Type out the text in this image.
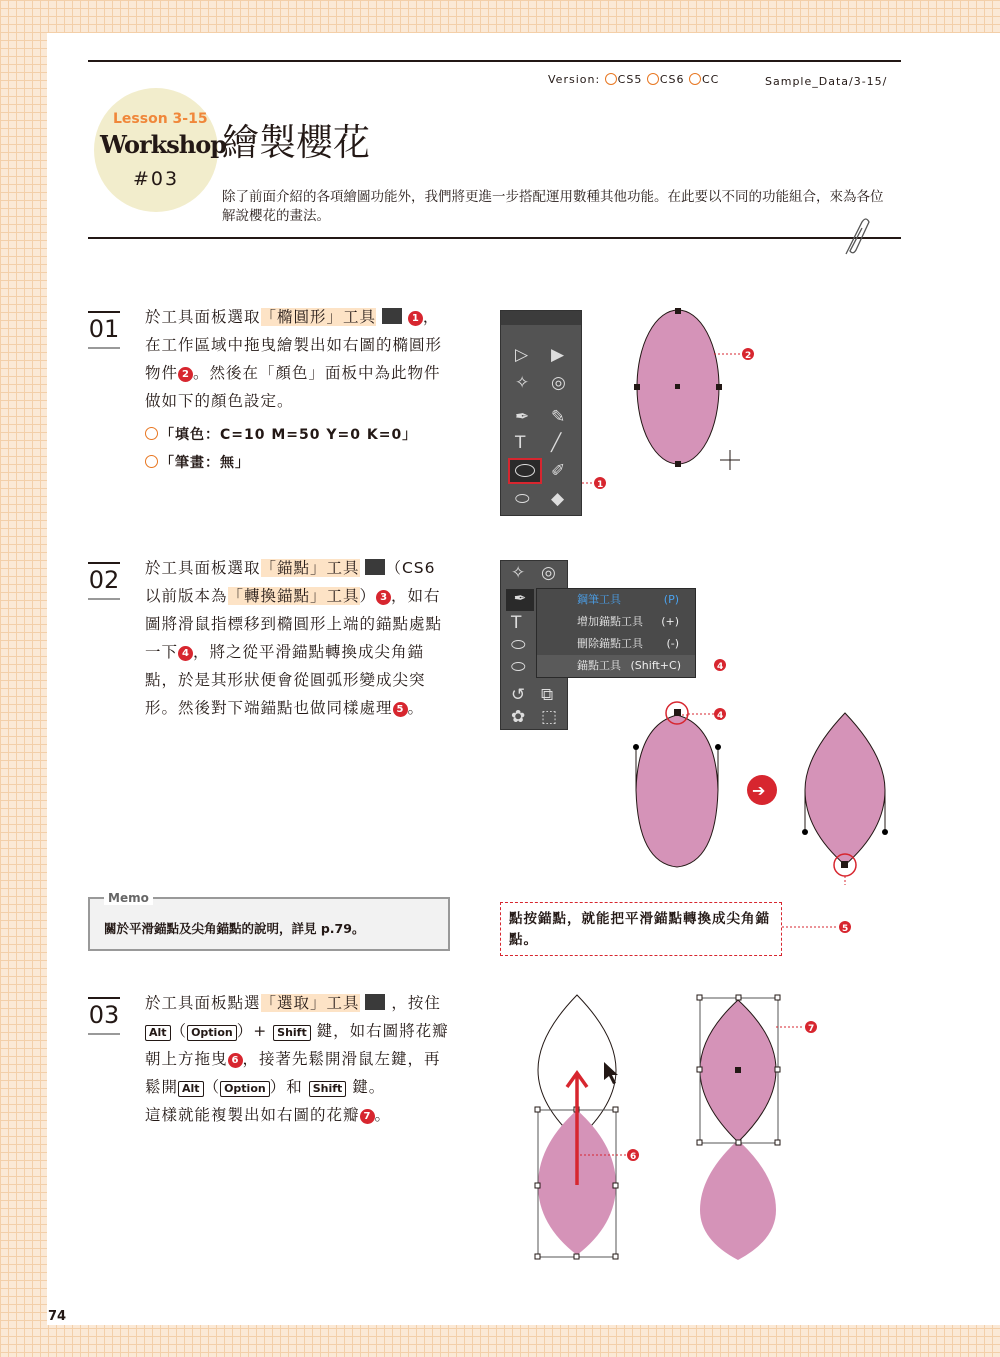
Version: CS5 CS6 CC	Sample_Data/3-15/
Lesson 3-15
Workshop
#03
繪製櫻花
除了前面介紹的各項繪圖功能外，我們將更進一步搭配運用數種其他功能。在此要以不同的功能組合，來為各位解說櫻花的畫法。
01 於工具面板選取「橢圓形」工具	1 ，在工作區域中拖曳繪製出如右圖的橢圓形物件 2 。然後在「顏色」面板中為此物件做如下的顏色設定。
「填色：C=10 M=50 Y=0 K=0」
「筆畫：無」
▷ ▶
✧ ◎
✒ ✎
T ╱
✐
⬭ ◆
2
1
02 於工具面板選取「錨點」工具 （CS6 以前版本為「轉換錨點」工具） 3 ，如右圖將滑鼠指標移到橢圓形上端的錨點處點一下 4 ，將之從平滑錨點轉換成尖角錨點，於是其形狀便會從圓弧形變成尖突形。然後對下端錨點也做同樣處理 5 。
✧ ◎
✒
T
⬭
⬭
↺ ⧉
✿ ⬚
鋼筆工具	(P)
增加錨點工具 (+)
刪除錨點工具 (-)
錨點工具 (Shift+C)	4
4
➔
Memo
關於平滑錨點及尖角錨點的說明，詳見 p.79。
點按錨點，就能把平滑錨點轉換成尖角錨點。
5
03 於工具面板點選「選取」工具 ，按住
Alt （ Option ）+ Shift 鍵，如右圖將花瓣朝上方拖曳 6 ，接著先鬆開滑鼠左鍵，再鬆開 Alt （ Option ）和 Shift 鍵。
這樣就能複製出如右圖的花瓣 7 。
6
7
74
